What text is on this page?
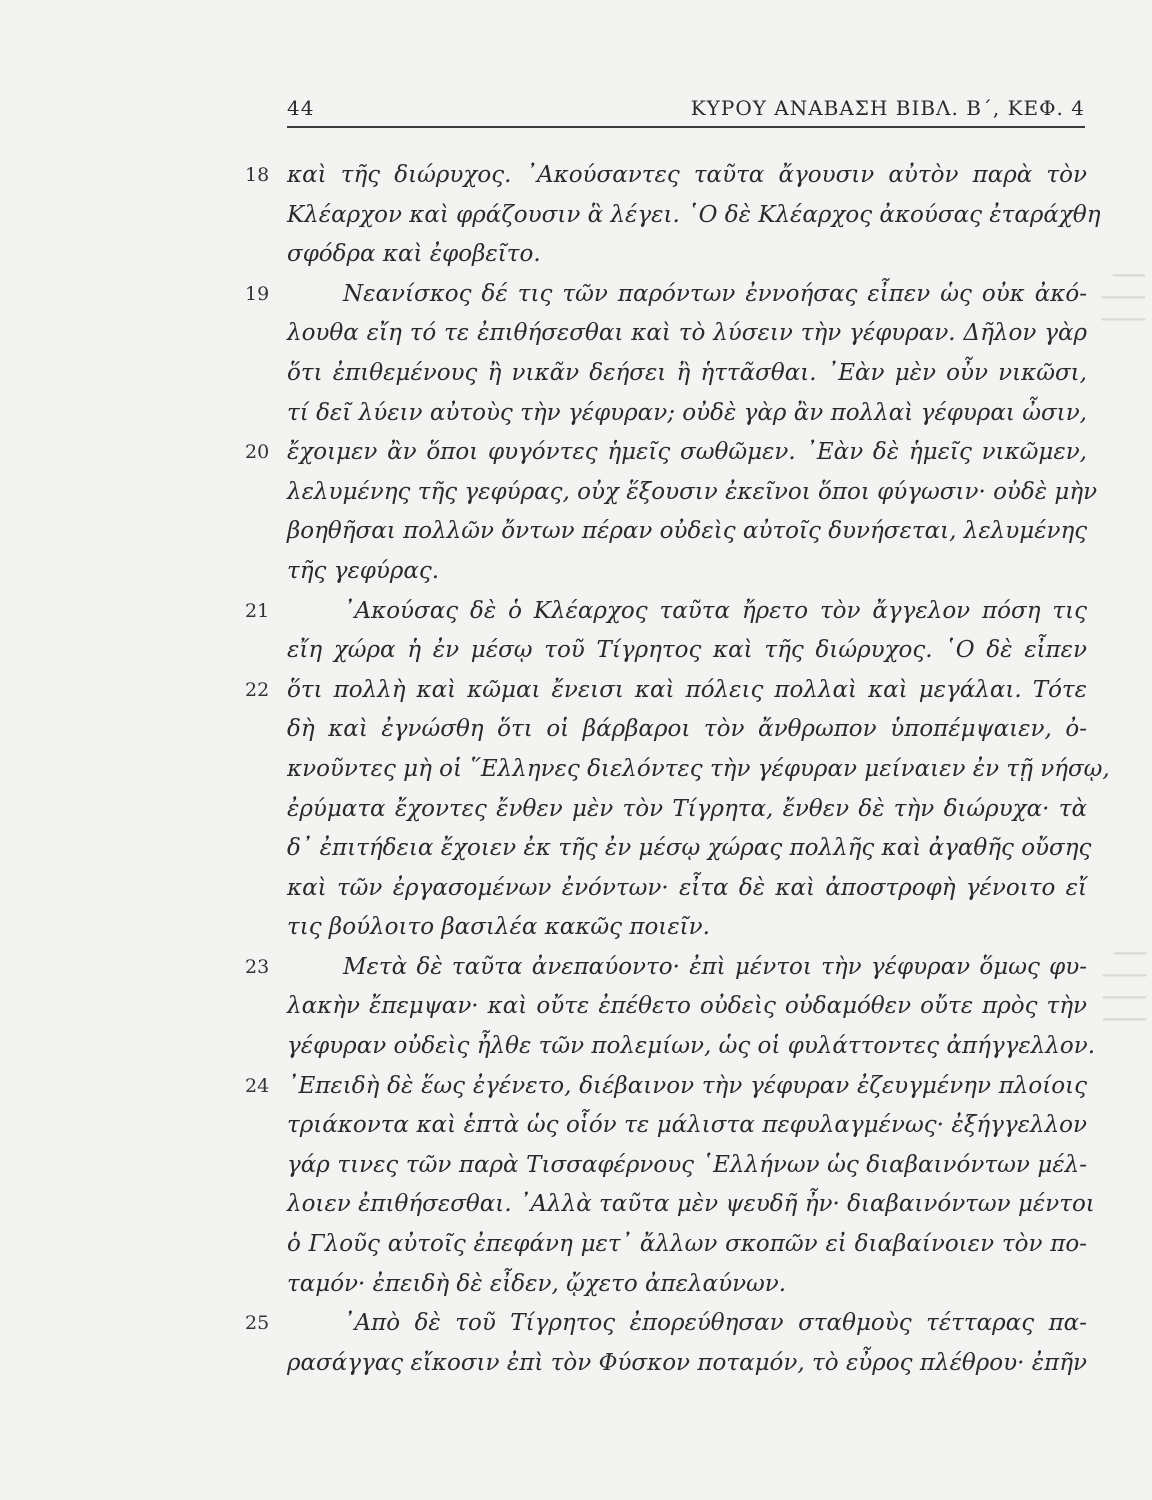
▁▁▁
▁▁▁▁
▁▁▁▁
▁▁▁
▁▁▁▁
▁▁▁▁
▁▁▁▁
44	ΚΥΡΟΥ ΑΝΑΒΑΣΗ ΒΙΒΛ. Β΄, ΚΕΦ. 4
18 καὶ τῆς διώρυχος. ᾿Ακούσαντες ταῦτα ἄγουσιν αὐτὸν παρὰ τὸν
Κλέαρχον καὶ φράζουσιν ἃ λέγει. ῾Ο δὲ Κλέαρχος ἀκούσας ἐταράχθη
σφόδρα καὶ ἐφοβεῖτο.
19	Νεανίσκος δέ τις τῶν παρόντων ἐννοήσας εἶπεν ὡς οὐκ ἀκό-
λουθα εἴη τό τε ἐπιθήσεσθαι καὶ τὸ λύσειν τὴν γέφυραν. Δῆλον γὰρ
ὅτι ἐπιθεμένους ἢ νικᾶν δεήσει ἢ ἡττᾶσθαι. ᾿Εὰν μὲν οὖν νικῶσι,
τί δεῖ λύειν αὐτοὺς τὴν γέφυραν; οὐδὲ γὰρ ἂν πολλαὶ γέφυραι ὦσιν,
20 ἔχοιμεν ἂν ὅποι φυγόντες ἡμεῖς σωθῶμεν. ᾿Εὰν δὲ ἡμεῖς νικῶμεν,
λελυμένης τῆς γεφύρας, οὐχ ἕξουσιν ἐκεῖνοι ὅποι φύγωσιν· οὐδὲ μὴν
βοηθῆσαι πολλῶν ὄντων πέραν οὐδεὶς αὐτοῖς δυνήσεται, λελυμένης
τῆς γεφύρας.
21	᾿Ακούσας δὲ ὁ Κλέαρχος ταῦτα ἤρετο τὸν ἄγγελον πόση τις
εἴη χώρα ἡ ἐν μέσῳ τοῦ Τίγρητος καὶ τῆς διώρυχος. ῾Ο δὲ εἶπεν
22 ὅτι πολλὴ καὶ κῶμαι ἔνεισι καὶ πόλεις πολλαὶ καὶ μεγάλαι. Τότε
δὴ καὶ ἐγνώσθη ὅτι οἱ βάρβαροι τὸν ἄνθρωπον ὑποπέμψαιεν, ὀ-
κνοῦντες μὴ οἱ ῞Ελληνες διελόντες τὴν γέφυραν μείναιεν ἐν τῇ νήσῳ,
ἐρύματα ἔχοντες ἔνθεν μὲν τὸν Τίγρητα, ἔνθεν δὲ τὴν διώρυχα· τὰ
δ᾿ ἐπιτήδεια ἔχοιεν ἐκ τῆς ἐν μέσῳ χώρας πολλῆς καὶ ἀγαθῆς οὔσης
καὶ τῶν ἐργασομένων ἐνόντων· εἶτα δὲ καὶ ἀποστροφὴ γένοιτο εἴ
τις βούλοιτο βασιλέα κακῶς ποιεῖν.
23	Μετὰ δὲ ταῦτα ἀνεπαύοντο· ἐπὶ μέντοι τὴν γέφυραν ὅμως φυ-
λακὴν ἔπεμψαν· καὶ οὔτε ἐπέθετο οὐδεὶς οὐδαμόθεν οὔτε πρὸς τὴν
γέφυραν οὐδεὶς ἦλθε τῶν πολεμίων, ὡς οἱ φυλάττοντες ἀπήγγελλον.
24 ᾿Επειδὴ δὲ ἕως ἐγένετο, διέβαινον τὴν γέφυραν ἐζευγμένην πλοίοις
τριάκοντα καὶ ἑπτὰ ὡς οἷόν τε μάλιστα πεφυλαγμένως· ἐξήγγελλον
γάρ τινες τῶν παρὰ Τισσαφέρνους ῾Ελλήνων ὡς διαβαινόντων μέλ-
λοιεν ἐπιθήσεσθαι. ᾿Αλλὰ ταῦτα μὲν ψευδῆ ἦν· διαβαινόντων μέντοι
ὁ Γλοῦς αὐτοῖς ἐπεφάνη μετ᾿ ἄλλων σκοπῶν εἰ διαβαίνοιεν τὸν πο-
ταμόν· ἐπειδὴ δὲ εἶδεν, ᾤχετο ἀπελαύνων.
25	᾿Απὸ δὲ τοῦ Τίγρητος ἐπορεύθησαν σταθμοὺς τέτταρας πα-
ρασάγγας εἴκοσιν ἐπὶ τὸν Φύσκον ποταμόν, τὸ εὖρος πλέθρου· ἐπῆν
